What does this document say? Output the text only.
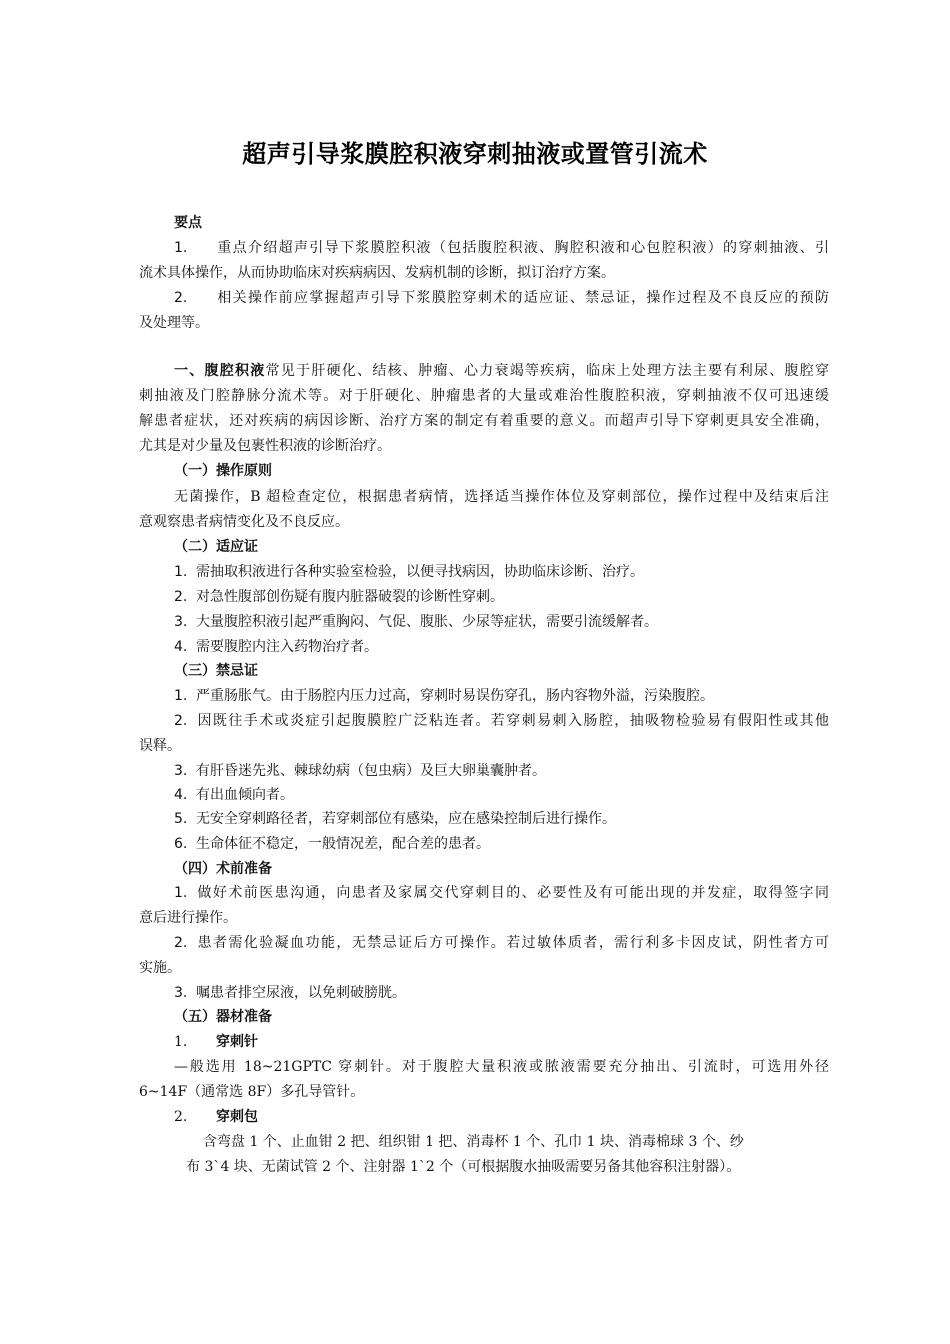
超声引导浆膜腔积液穿刺抽液或置管引流术
要点
1. 重点介绍超声引导下浆膜腔积液（包括腹腔积液、胸腔积液和心包腔积液）的穿刺抽液、引
流术具体操作，从而协助临床对疾病病因、发病机制的诊断，拟订治疗方案。
2. 相关操作前应掌握超声引导下浆膜腔穿刺术的适应证、禁忌证，操作过程及不良反应的预防
及处理等。
一、腹腔积液常见于肝硬化、结核、肿瘤、心力衰竭等疾病，临床上处理方法主要有利尿、腹腔穿
刺抽液及门腔静脉分流术等。对于肝硬化、肿瘤患者的大量或难治性腹腔积液，穿刺抽液不仅可迅速缓
解患者症状，还对疾病的病因诊断、治疗方案的制定有着重要的意义。而超声引导下穿刺更具安全准确，
尤其是对少量及包裹性积液的诊断治疗。
（一）操作原则
无菌操作，B 超检查定位，根据患者病情，选择适当操作体位及穿刺部位，操作过程中及结束后注
意观察患者病情变化及不良反应。
（二）适应证
1. 需抽取积液进行各种实验室检验，以便寻找病因，协助临床诊断、治疗。
2. 对急性腹部创伤疑有腹内脏器破裂的诊断性穿刺。
3. 大量腹腔积液引起严重胸闷、气促、腹胀、少尿等症状，需要引流缓解者。
4. 需要腹腔内注入药物治疗者。
（三）禁忌证
1. 严重肠胀气。由于肠腔内压力过高，穿刺时易误伤穿孔，肠内容物外溢，污染腹腔。
2. 因既往手术或炎症引起腹膜腔广泛粘连者。若穿刺易刺入肠腔，抽吸物检验易有假阳性或其他
误释。
3. 有肝昏迷先兆、棘球幼病（包虫病）及巨大卵巢囊肿者。
4. 有出血倾向者。
5. 无安全穿刺路径者，若穿刺部位有感染，应在感染控制后进行操作。
6. 生命体征不稳定，一般情况差，配合差的患者。
（四）术前准备
1. 做好术前医患沟通，向患者及家属交代穿刺目的、必要性及有可能出现的并发症，取得签字同
意后进行操作。
2. 患者需化验凝血功能，无禁忌证后方可操作。若过敏体质者，需行利多卡因皮试，阴性者方可
实施。
3. 嘱患者排空尿液，以免刺破膀胱。
（五）器材准备
1. 穿刺针
—般选用 18~21GPTC 穿刺针。对于腹腔大量积液或脓液需要充分抽出、引流时，可选用外径
6~14F（通常选 8F）多孔导管针。
2. 穿刺包
含弯盘 1 个、止血钳 2 把、组织钳 1 把、消毒杯 1 个、孔巾 1 块、消毒棉球 3 个、纱
布 3`4 块、无菌试管 2 个、注射器 1`2 个（可根据腹水抽吸需要另备其他容积注射器）。
